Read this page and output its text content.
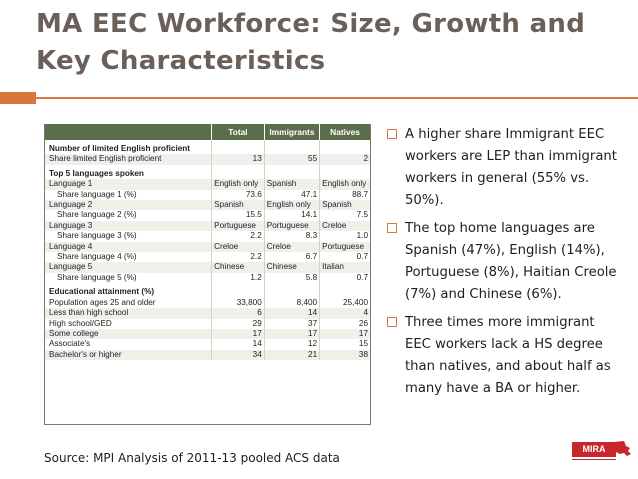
MA EEC Workforce: Size, Growth and Key Characteristics
	Total	Immigrants	Natives
Number of limited English proficient			
Share limited English proficient	13	55	2
Top 5 languages spoken			
Language 1	English only	Spanish	English only
Share language 1 (%)	73.6	47.1	88.7
Language 2	Spanish	English only	Spanish
Share language 2 (%)	15.5	14.1	7.5
Language 3	Portuguese	Portuguese	Creloe
Share language 3 (%)	2.2	8.3	1.0
Language 4	Creloe	Creloe	Portuguese
Share language 4 (%)	2.2	6.7	0.7
Language 5	Chinese	Chinese	Italian
Share language 5 (%)	1.2	5.8	0.7
Educational attainment (%)			
Population ages 25 and older	33,800	8,400	25,400
Less than high school	6	14	4
High school/GED	29	37	26
Some college	17	17	17
Associate's	14	12	15
Bachelor's or higher	34	21	38
A higher share Immigrant EEC workers are LEP than immigrant workers in general (55% vs. 50%).
The top home languages are Spanish (47%), English (14%), Portuguese (8%), Haitian Creole (7%) and Chinese (6%).
Three times more immigrant EEC workers lack a HS degree than natives, and about half as many have a BA or higher.
Source: MPI Analysis of 2011-13 pooled ACS data
MIRA
